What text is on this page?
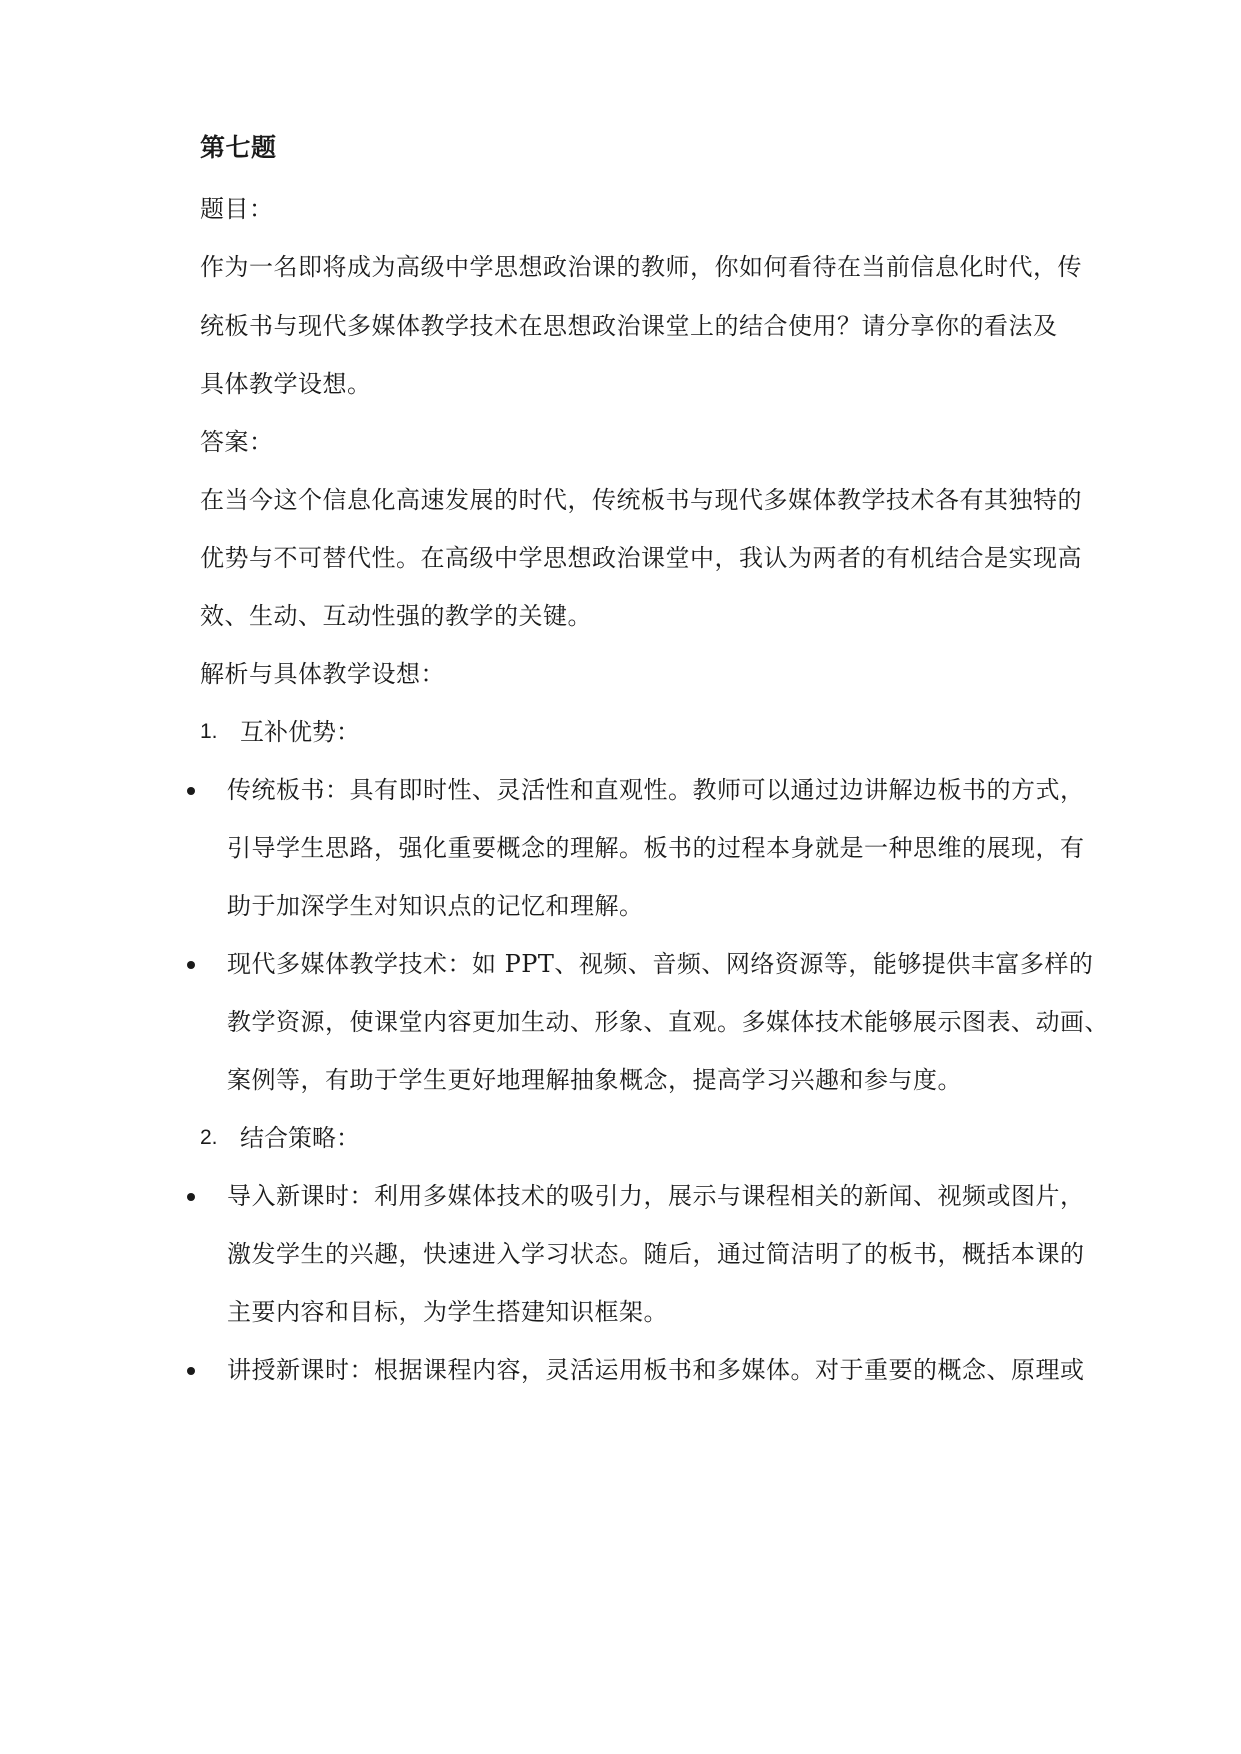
第七题
题目：
作为一名即将成为高级中学思想政治课的教师，你如何看待在当前信息化时代，传
统板书与现代多媒体教学技术在思想政治课堂上的结合使用？请分享你的看法及
具体教学设想。
答案：
在当今这个信息化高速发展的时代，传统板书与现代多媒体教学技术各有其独特的
优势与不可替代性。在高级中学思想政治课堂中，我认为两者的有机结合是实现高
效、生动、互动性强的教学的关键。
解析与具体教学设想：
1. 互补优势：
传统板书：具有即时性、灵活性和直观性。教师可以通过边讲解边板书的方式，
引导学生思路，强化重要概念的理解。板书的过程本身就是一种思维的展现，有
助于加深学生对知识点的记忆和理解。
现代多媒体教学技术：如 PPT、视频、音频、网络资源等，能够提供丰富多样的
教学资源，使课堂内容更加生动、形象、直观。多媒体技术能够展示图表、动画、
案例等，有助于学生更好地理解抽象概念，提高学习兴趣和参与度。
2. 结合策略：
导入新课时：利用多媒体技术的吸引力，展示与课程相关的新闻、视频或图片，
激发学生的兴趣，快速进入学习状态。随后，通过简洁明了的板书，概括本课的
主要内容和目标，为学生搭建知识框架。
讲授新课时：根据课程内容，灵活运用板书和多媒体。对于重要的概念、原理或
